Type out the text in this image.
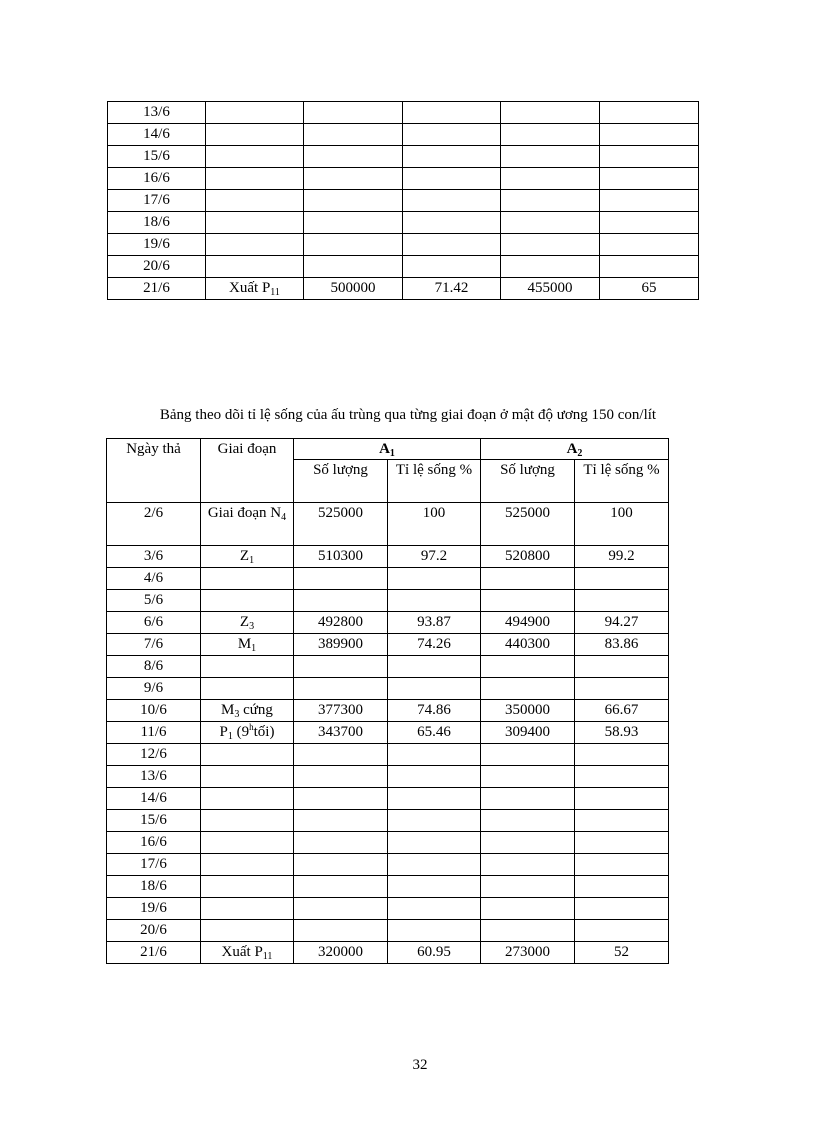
13/6					
14/6					
15/6					
16/6					
17/6					
18/6					
19/6					
20/6					
21/6	Xuất $P_{11}$	500000	71.42	455000	65
Bảng theo dõi tỉ lệ sống của ấu trùng qua từng giai đoạn ở mật độ ương 150 con/lít
Ngày thả	Giai đoạn	$A_1$		$A_2$
		Số lượng	Tỉ lệ sống %	Số lượng	Tỉ lệ sống %
2/6	Giai đoạn $N_4$	525000	100	525000	100
3/6	$Z_1$	510300	97.2	520800	99.2
4/6					
5/6					
6/6	$Z_3$	492800	93.87	494900	94.27
7/6	$M_1$	389900	74.26	440300	83.86
8/6					
9/6					
10/6	$M_3$ cứng	377300	74.86	350000	66.67
11/6	$P_1$ (9$^h$tối)	343700	65.46	309400	58.93
12/6					
13/6					
14/6					
15/6					
16/6					
17/6					
18/6					
19/6					
20/6					
21/6	Xuất $P_{11}$	320000	60.95	273000	52
32
